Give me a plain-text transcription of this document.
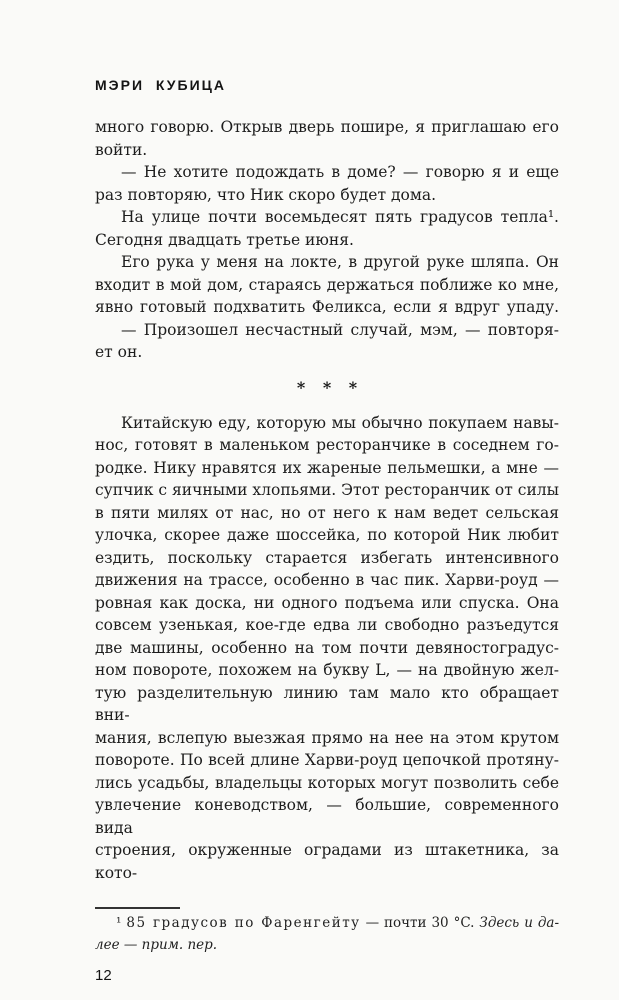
МЭРИ КУБИЦА
много говорю. Открыв дверь пошире, я приглашаю его
войти.
— Не хотите подождать в доме? — говорю я и еще
раз повторяю, что Ник скоро будет дома.
На улице почти восемьдесят пять градусов тепла¹.
Сегодня двадцать третье июня.
Его рука у меня на локте, в другой руке шляпа. Он
входит в мой дом, стараясь держаться поближе ко мне,
явно готовый подхватить Феликса, если я вдруг упаду.
— Произошел несчастный случай, мэм, — повторя-
ет он.
* * *
Китайскую еду, которую мы обычно покупаем навы-
нос, готовят в маленьком ресторанчике в соседнем го-
родке. Нику нравятся их жареные пельмешки, а мне —
супчик с яичными хлопьями. Этот ресторанчик от силы
в пяти милях от нас, но от него к нам ведет сельская
улочка, скорее даже шоссейка, по которой Ник любит
ездить, поскольку старается избегать интенсивного
движения на трассе, особенно в час пик. Харви-роуд —
ровная как доска, ни одного подъема или спуска. Она
совсем узенькая, кое-где едва ли свободно разъедутся
две машины, особенно на том почти девяностоградус-
ном повороте, похожем на букву L, — на двойную жел-
тую разделительную линию там мало кто обращает вни-
мания, вслепую выезжая прямо на нее на этом крутом
повороте. По всей длине Харви-роуд цепочкой протяну-
лись усадьбы, владельцы которых могут позволить себе
увлечение коневодством, — большие, современного вида
строения, окруженные оградами из штакетника, за кото-
¹ 85 градусов по Фаренгейту — почти 30 °C. Здесь и да-
лее — прим. пер.
12
